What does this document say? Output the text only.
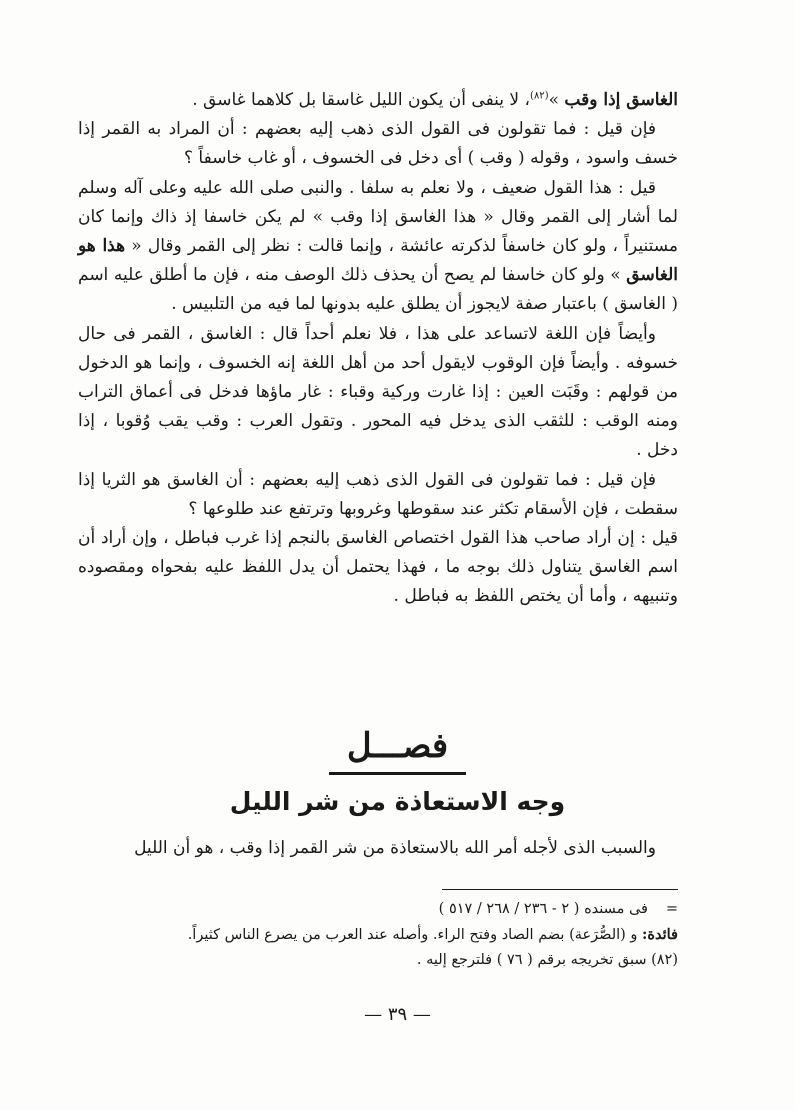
الغاسق إذا وقب »$^{(٨٢)}$، لا ينفى أن يكون الليل غاسقا بل كلاهما غاسق .

فإن قيل : فما تقولون فى القول الذى ذهب إليه بعضهم : أن المراد به القمر إذا خسف واسود ، وقوله ( وقب ) أى دخل فى الخسوف ، أو غاب خاسفاً ؟

قيل : هذا القول ضعيف ، ولا نعلم به سلفا . والنبى صلى الله عليه وعلى آله وسلم لما أشار إلى القمر وقال « هذا الغاسق إذا وقب » لم يكن خاسفا إذ ذاك وإنما كان مستنيراً ، ولو كان خاسفاً لذكرته عائشة ، وإنما قالت : نظر إلى القمر وقال « هذا هو الغاسق » ولو كان خاسفا لم يصح أن يحذف ذلك الوصف منه ، فإن ما أطلق عليه اسم ( الغاسق ) باعتبار صفة لايجوز أن يطلق عليه بدونها لما فيه من التلبيس .

وأيضاً فإن اللغة لاتساعد على هذا ، فلا نعلم أحداً قال : الغاسق ، القمر فى حال خسوفه . وأيضاً فإن الوقوب لايقول أحد من أهل اللغة إنه الخسوف ، وإنما هو الدخول من قولهم : وقَبَت العين : إذا غارت وركية وقباء : غار ماؤها فدخل فى أعماق التراب ومنه الوقب : للثقب الذى يدخل فيه المحور . وتقول العرب : وقب يقب وُقوبا ، إذا دخل .

فإن قيل : فما تقولون فى القول الذى ذهب إليه بعضهم : أن الغاسق هو الثريا إذا سقطت ، فإن الأسقام تكثر عند سقوطها وغروبها وترتفع عند طلوعها ؟

قيل : إن أراد صاحب هذا القول اختصاص الغاسق بالنجم إذا غرب فباطل ، وإن أراد أن اسم الغاسق يتناول ذلك بوجه ما ، فهذا يحتمل أن يدل اللفظ عليه بفحواه ومقصوده وتنبيهه ، وأما أن يختص اللفظ به فباطل .

فصـــل
وجه الاستعاذة من شر الليل
والسبب الذى لأجله أمر الله بالاستعاذة من شر القمر إذا وقب ، هو أن الليل

=فى مسنده ( ٢ - ٢٣٦ / ٢٦٨ / ٥١٧ )

فائدة: و (الصُّرَعة) بضم الصاد وفتح الراء. وأصله عند العرب من يصرع الناس كثيراً.

(٨٢) سبق تخريجه برقم ( ٧٦ ) فلترجع إليه .

— ٣٩ —
